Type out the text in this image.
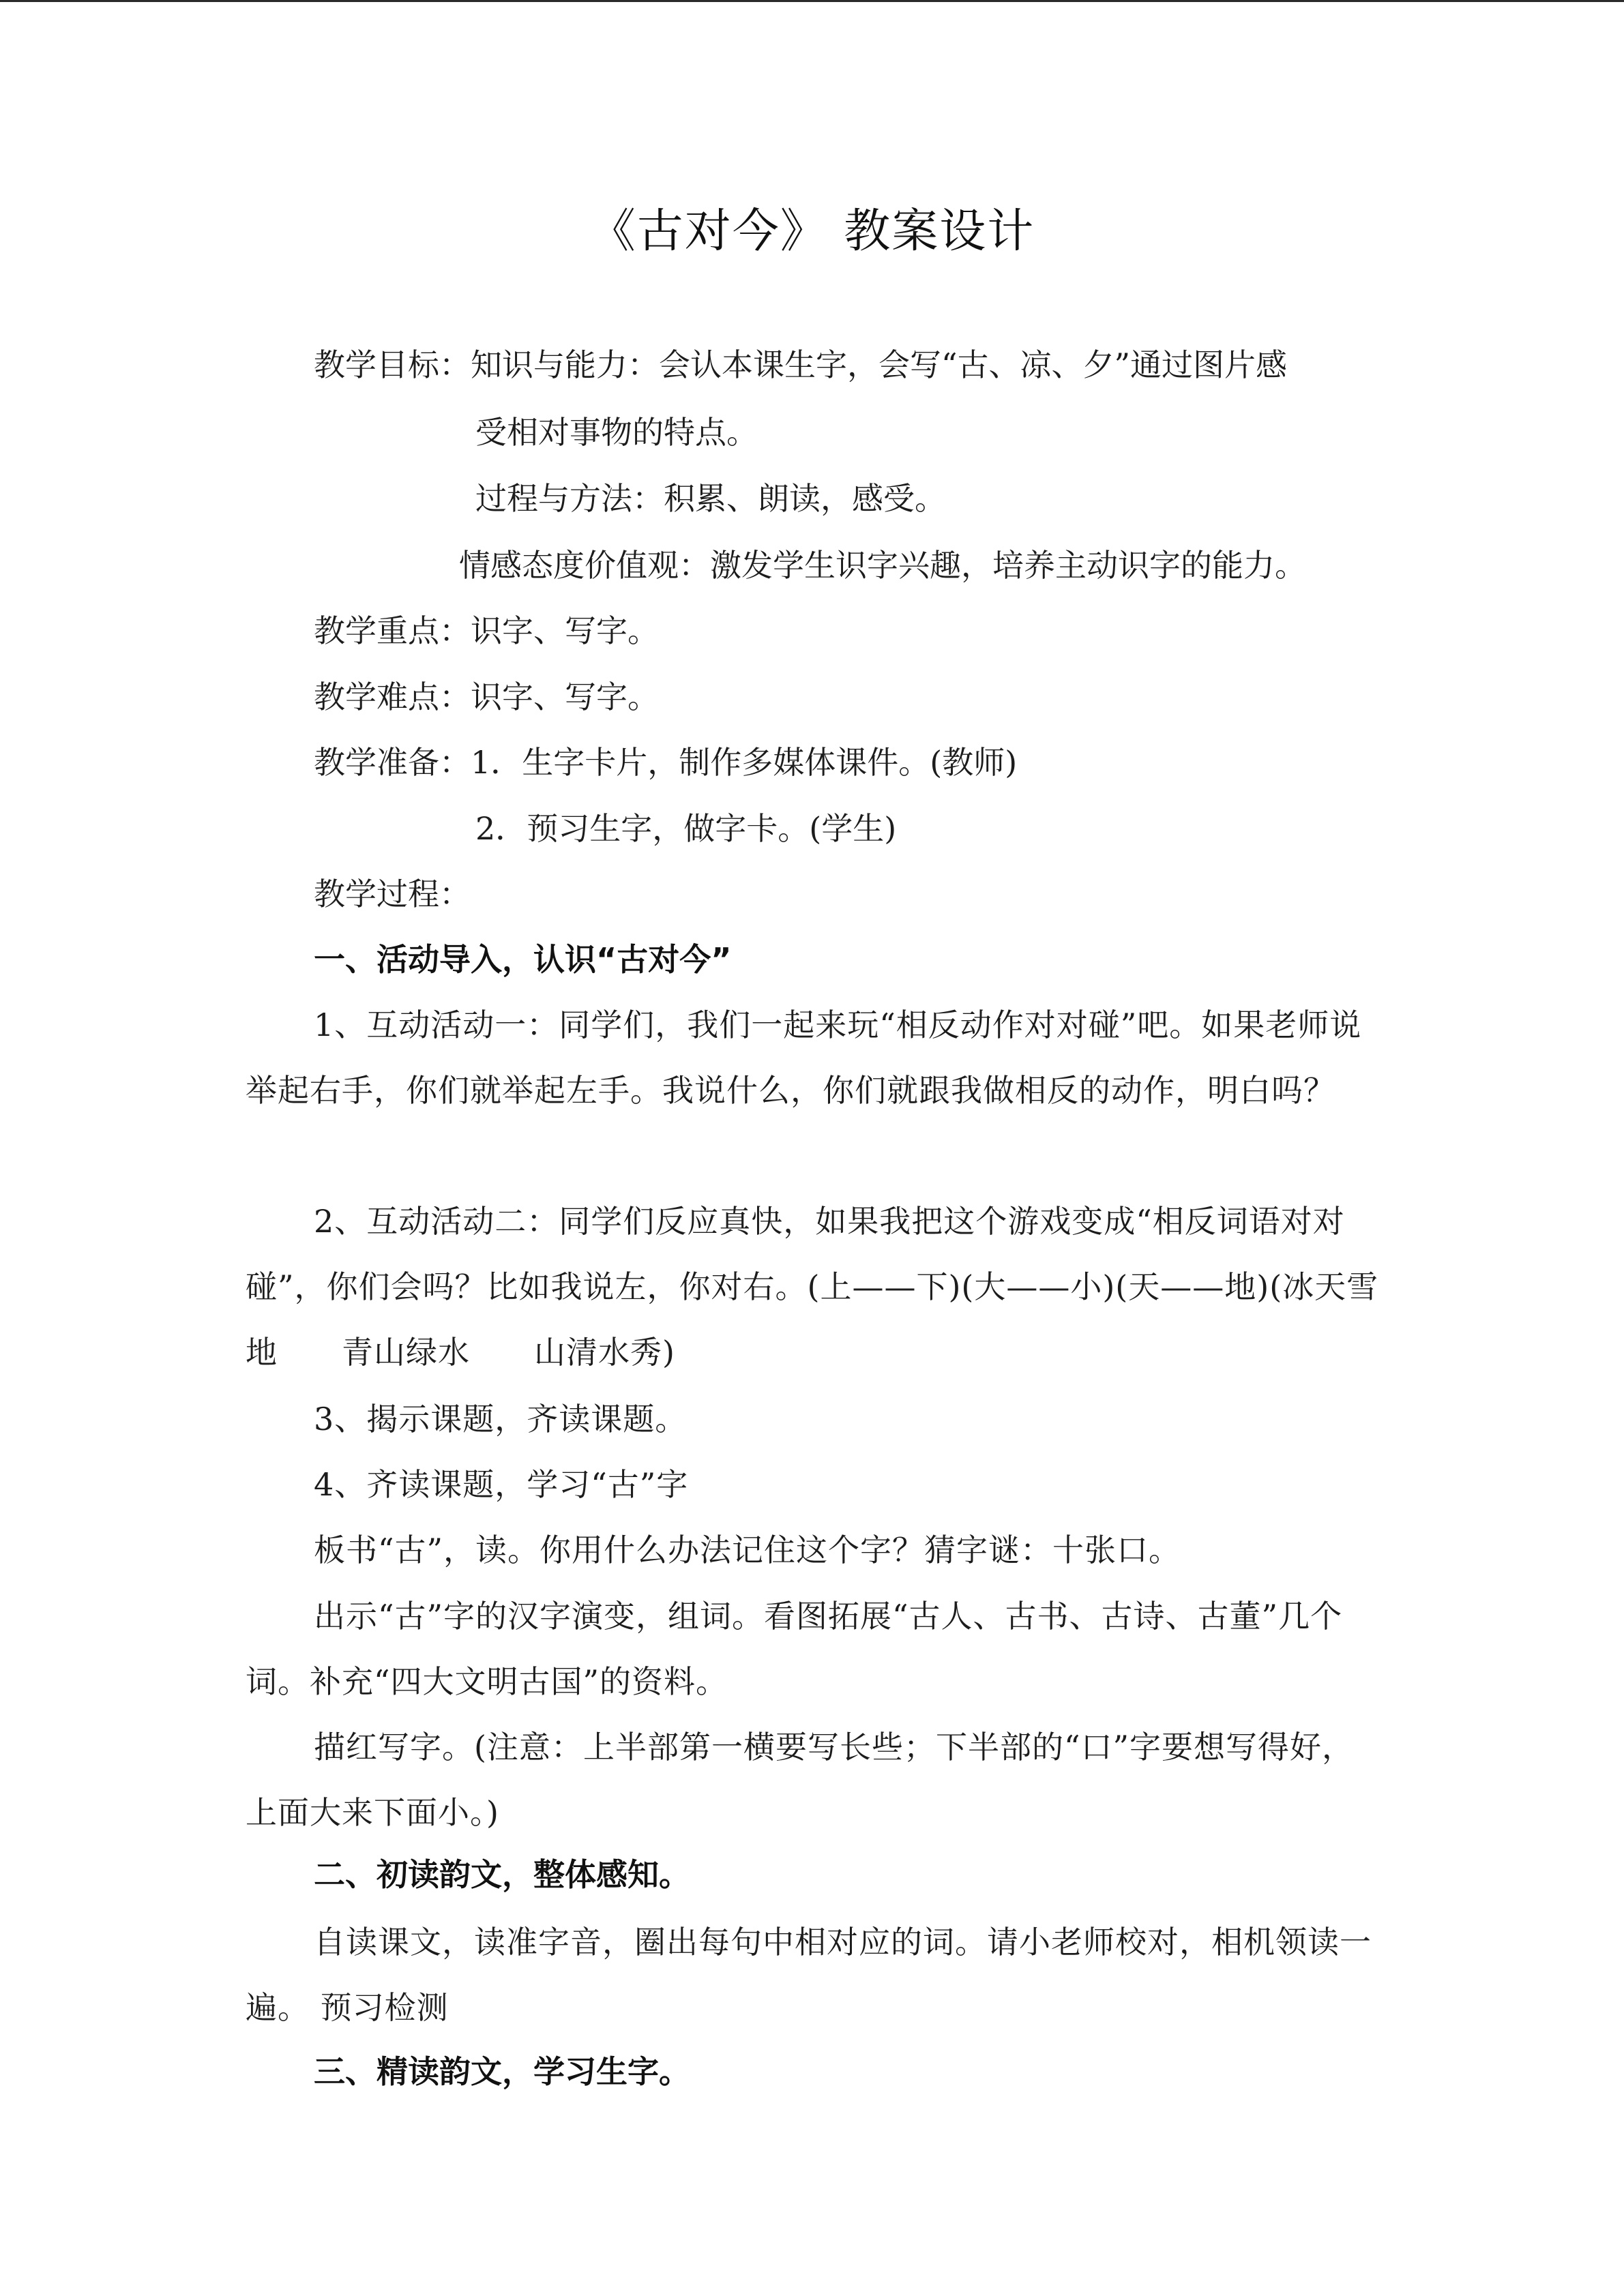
《古对今》 教案设计
教学目标：知识与能力：会认本课生字，会写“古、凉、夕”通过图片感
受相对事物的特点。
过程与方法：积累、朗读，感受。
情感态度价值观：激发学生识字兴趣，培养主动识字的能力。
教学重点：识字、写字。
教学难点：识字、写字。
教学准备：1．生字卡片，制作多媒体课件。(教师)
2．预习生字，做字卡。(学生)
教学过程：
一、活动导入，认识“古对今”
1、互动活动一：同学们，我们一起来玩“相反动作对对碰”吧。如果老师说举起右手，你们就举起左手。我说什么，你们就跟我做相反的动作，明白吗？
2、互动活动二：同学们反应真快，如果我把这个游戏变成“相反词语对对碰”，你们会吗？比如我说左，你对右。(上——下)(大——小)(天——地)(冰天雪地　　青山绿水　　山清水秀)
3、揭示课题，齐读课题。
4、齐读课题，学习“古”字
板书“古”，读。你用什么办法记住这个字？猜字谜：十张口。
出示“古”字的汉字演变，组词。看图拓展“古人、古书、古诗、古董”几个词。补充“四大文明古国”的资料。
描红写字。(注意：上半部第一横要写长些；下半部的“口”字要想写得好，上面大来下面小。)
二、初读韵文，整体感知。
自读课文，读准字音，圈出每句中相对应的词。请小老师校对，相机领读一遍。 预习检测
三、精读韵文，学习生字。
